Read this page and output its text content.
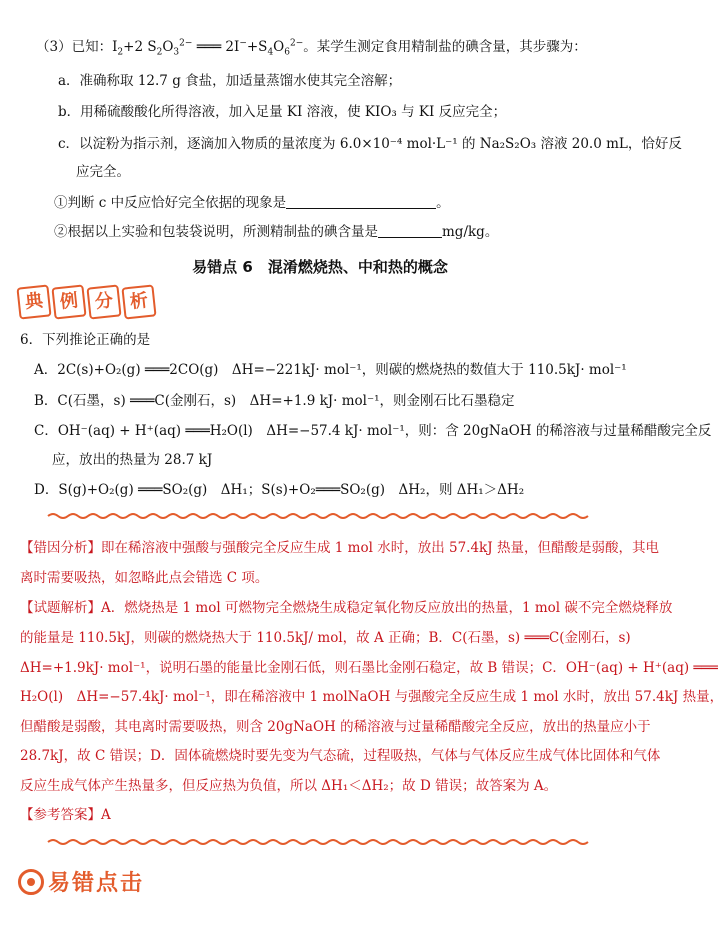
（3）已知：$I_2+2$ $S_2O_3^{2-}$ ═══ $2I^-+S_4O_6^{2-}$。某学生测定食用精制盐的碘含量，其步骤为：
a．准确称取 12.7 g 食盐，加适量蒸馏水使其完全溶解；
b．用稀硫酸酸化所得溶液，加入足量 KI 溶液，使 KIO₃ 与 KI 反应完全；
c．以淀粉为指示剂，逐滴加入物质的量浓度为 6.0×10⁻⁴ mol·L⁻¹ 的 Na₂S₂O₃ 溶液 20.0 mL，恰好反
应完全。
①判断 c 中反应恰好完全依据的现象是	。
②根据以上实验和包装袋说明，所测精制盐的碘含量是	mg/kg。
易错点 6　混淆燃烧热、中和热的概念
典 例 分 析
6．下列推论正确的是
A．2C(s)+O₂(g) ═══2CO(g)　ΔH=−221kJ· mol⁻¹，则碳的燃烧热的数值大于 110.5kJ· mol⁻¹
B．C(石墨，s) ═══C(金刚石，s)　ΔH=+1.9 kJ· mol⁻¹，则金刚石比石墨稳定
C．OH⁻(aq) + H⁺(aq) ═══H₂O(l)　ΔH=−57.4 kJ· mol⁻¹，则：含 20gNaOH 的稀溶液与过量稀醋酸完全反
应，放出的热量为 28.7 kJ
D．S(g)+O₂(g) ═══SO₂(g)　ΔH₁；S(s)+O₂═══SO₂(g)　ΔH₂，则 ΔH₁＞ΔH₂
【错因分析】即在稀溶液中强酸与强酸完全反应生成 1 mol 水时，放出 57.4kJ 热量，但醋酸是弱酸，其电
离时需要吸热，如忽略此点会错选 C 项。
【试题解析】A．燃烧热是 1 mol 可燃物完全燃烧生成稳定氧化物反应放出的热量，1 mol 碳不完全燃烧释放
的能量是 110.5kJ，则碳的燃烧热大于 110.5kJ/ mol，故 A 正确；B．C(石墨，s) ═══C(金刚石，s)
ΔH=+1.9kJ· mol⁻¹，说明石墨的能量比金刚石低，则石墨比金刚石稳定，故 B 错误；C．OH⁻(aq) + H⁺(aq) ═══
H₂O(l)　ΔH=−57.4kJ· mol⁻¹，即在稀溶液中 1 molNaOH 与强酸完全反应生成 1 mol 水时，放出 57.4kJ 热量，
但醋酸是弱酸，其电离时需要吸热，则含 20gNaOH 的稀溶液与过量稀醋酸完全反应，放出的热量应小于
28.7kJ，故 C 错误；D．固体硫燃烧时要先变为气态硫，过程吸热，气体与气体反应生成气体比固体和气体
反应生成气体产生热量多，但反应热为负值，所以 ΔH₁＜ΔH₂；故 D 错误；故答案为 A。
【参考答案】A
易错点击
